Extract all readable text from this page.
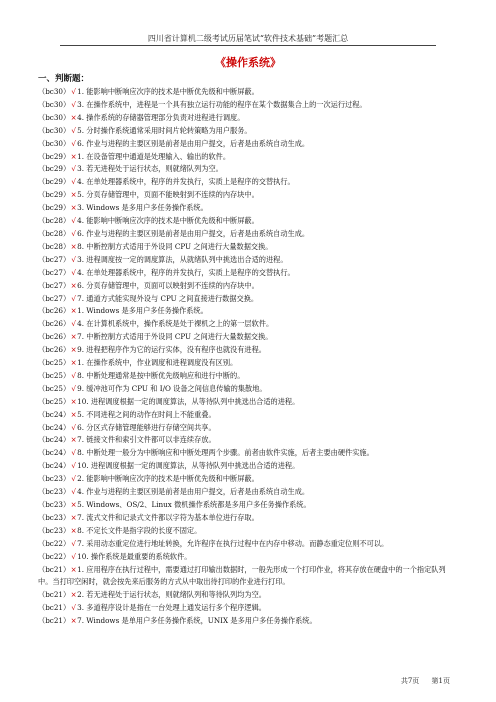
四川省计算机二级考试历届笔试“软件技术基础”考题汇总
《操作系统》
一、判断题：
（bc30）√1. 能影响中断响应次序的技术是中断优先级和中断屏蔽。
（bc30）√3. 在操作系统中，进程是一个具有独立运行功能的程序在某个数据集合上的一次运行过程。
（bc30）×4. 操作系统的存储器管理部分负责对进程进行调度。
（bc30）√5. 分时操作系统通常采用时间片轮转策略为用户服务。
（bc30）√6. 作业与进程的主要区别是前者是由用户提交，后者是由系统自动生成。
（bc29）×1. 在设备管理中通道是处理输入、输出的软件。
（bc29）√3. 若无进程处于运行状态，则就绪队列为空。
（bc29）√4. 在单处理器系统中，程序的并发执行，实质上是程序的交替执行。
（bc29）×5. 分页存储管理中，页面不能映射到不连续的内存块中。
（bc29）×3. Windows 是多用户多任务操作系统。
（bc28）√4. 能影响中断响应次序的技术是中断优先级和中断屏蔽。
（bc28）√6. 作业与进程的主要区别是前者是由用户提交，后者是由系统自动生成。
（bc28）×8. 中断控制方式适用于外设同 CPU 之间进行大量数据交换。
（bc27）√3. 进程调度按一定的调度算法，从就绪队列中挑选出合适的进程。
（bc27）√4. 在单处理器系统中，程序的并发执行，实质上是程序的交替执行。
（bc27）×6. 分页存储管理中，页面可以映射到不连续的内存块中。
（bc27）√7. 通道方式能实现外设与 CPU 之间直接进行数据交换。
（bc26）×1. Windows 是多用户多任务操作系统。
（bc26）√4. 在计算机系统中，操作系统是处于裸机之上的第一层软件。
（bc26）×7. 中断控制方式适用于外设同 CPU 之间进行大量数据交换。
（bc26）×9. 进程把程序作为它的运行实体，没有程序也就没有进程。
（bc25）×1. 在操作系统中，作业调度和进程调度没有区别。
（bc25）√8. 中断处理通常是按中断优先级响应和进行中断的。
（bc25）√9. 缓冲池可作为 CPU 和 I/O 设备之间信息传输的集散地。
（bc25）×10. 进程调度根据一定的调度算法，从等待队列中挑选出合适的进程。
（bc24）×5. 不同进程之间的动作在时间上不能重叠。
（bc24）√6. 分区式存储管理能够进行存储空间共享。
（bc24）×7. 链接文件和索引文件都可以非连续存放。
（bc24）√8. 中断处理一般分为中断响应和中断处理两个步骤。前者由软件实施，后者主要由硬件实施。
（bc24）√10. 进程调度根据一定的调度算法，从等待队列中挑选出合适的进程。
（bc23）√2. 能影响中断响应次序的技术是中断优先级和中断屏蔽。
（bc23）√4. 作业与进程的主要区别是前者是由用户提交，后者是由系统自动生成。
（bc23）×5. Windows、OS/2、Linux 微机操作系统都是多用户多任务操作系统。
（bc23）×7. 流式文件和记录式文件都以字符为基本单位进行存取。
（bc23）×8. 不定长文件是指字段的长度不固定。
（bc22）√7. 采用动态重定位进行地址转换，允许程序在执行过程中在内存中移动。而静态重定位则不可以。
（bc22）√10. 操作系统是最重要的系统软件。
（bc21）×1. 应用程序在执行过程中，需要通过打印输出数据时，一般先形成一个打印作业，将其存放在硬盘中的一个指定队列中。当打印空闲时，就会按先来后服务的方式从中取出待打印的作业进行打印。
（bc21）×2. 若无进程处于运行状态，则就绪队列和等待队列均为空。
（bc21）√3. 多道程序设计是指在一台处理上通发运行多个程序逻辑。
（bc21）×7. Windows 是单用户多任务操作系统，UNIX 是多用户多任务操作系统。
共7页 第1页
